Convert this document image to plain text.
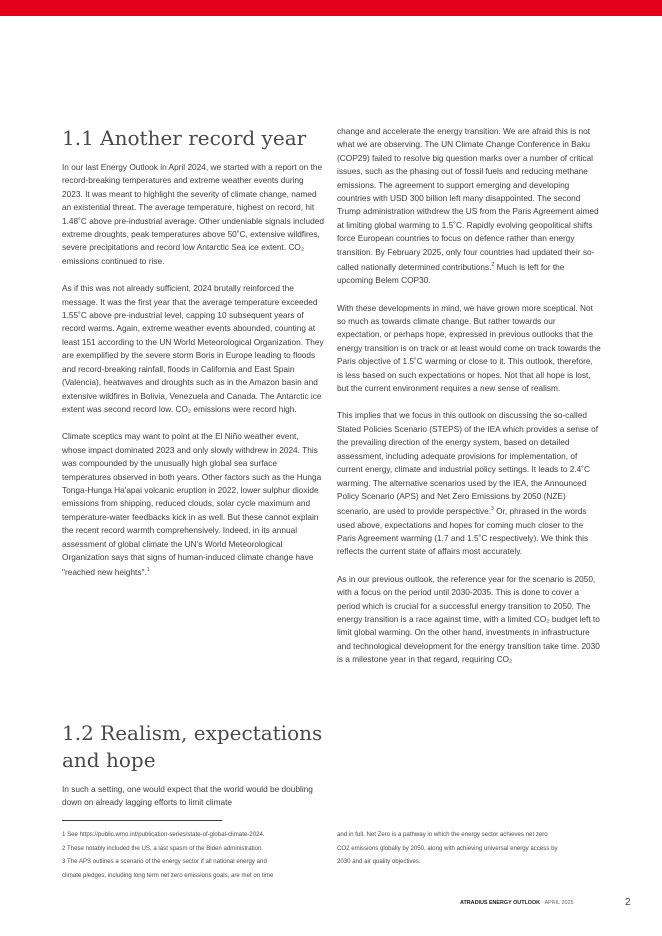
1.1 Another record year

In our last Energy Outlook in April 2024, we started with a report on the record-breaking temperatures and extreme weather events during 2023. It was meant to highlight the severity of climate change, named an existential threat. The average temperature, highest on record, hit 1.48˚C above pre-industrial average. Other undeniable signals included extreme droughts, peak temperatures above 50˚C, extensive wildfires, severe precipitations and record low Antarctic Sea ice extent. CO₂ emissions continued to rise.

As if this was not already sufficient, 2024 brutally reinforced the message. It was the first year that the average temperature exceeded 1.55˚C above pre-industrial level, capping 10 subsequent years of record warms. Again, extreme weather events abounded, counting at least 151 according to the UN World Meteorological Organization. They are exemplified by the severe storm Boris in Europe leading to floods and record-breaking rainfall, floods in California and East Spain (Valencia), heatwaves and droughts such as in the Amazon basin and extensive wildfires in Bolivia, Venezuela and Canada. The Antarctic ice extent was second record low. CO₂ emissions were record high.

Climate sceptics may want to point at the El Niño weather event, whose impact dominated 2023 and only slowly withdrew in 2024. This was compounded by the unusually high global sea surface temperatures observed in both years. Other factors such as the Hunga Tonga-Hunga Ha'apai volcanic eruption in 2022, lower sulphur dioxide emissions from shipping, reduced clouds, solar cycle maximum and temperature-water feedbacks kick in as well. But these cannot explain the recent record warmth comprehensively. Indeed, in its annual assessment of global climate the UN's World Meteorological Organization says that signs of human-induced climate change have "reached new heights".$^1$

1.2 Realism, expectations and hope

In such a setting, one would expect that the world would be doubling down on already lagging efforts to limit climate

change and accelerate the energy transition. We are afraid this is not what we are observing. The UN Climate Change Conference in Baku (COP29) failed to resolve big question marks over a number of critical issues, such as the phasing out of fossil fuels and reducing methane emissions. The agreement to support emerging and developing countries with USD 300 billion left many disappointed. The second Trump administration withdrew the US from the Paris Agreement aimed at limiting global warming to 1.5˚C. Rapidly evolving geopolitical shifts force European countries to focus on defence rather than energy transition. By February 2025, only four countries had updated their so-called nationally determined contributions.$^2$ Much is left for the upcoming Belem COP30.

With these developments in mind, we have grown more sceptical. Not so much as towards climate change. But rather towards our expectation, or perhaps hope, expressed in previous outlooks that the energy transition is on track or at least would come on track towards the Paris objective of 1.5˚C warming or close to it. This outlook, therefore, is less based on such expectations or hopes. Not that all hope is lost, but the current environment requires a new sense of realism.

This implies that we focus in this outlook on discussing the so-called Stated Policies Scenario (STEPS) of the IEA which provides a sense of the prevailing direction of the energy system, based on detailed assessment, including adequate provisions for implementation, of current energy, climate and industrial policy settings. It leads to 2.4˚C warming. The alternative scenarios used by the IEA, the Announced Policy Scenario (APS) and Net Zero Emissions by 2050 (NZE) scenario, are used to provide perspective.$^3$ Or, phrased in the words used above, expectations and hopes for coming much closer to the Paris Agreement warming (1.7 and 1.5˚C respectively). We think this reflects the current state of affairs most accurately.

As in our previous outlook, the reference year for the scenario is 2050, with a focus on the period until 2030-2035. This is done to cover a period which is crucial for a successful energy transition to 2050. The energy transition is a race against time, with a limited CO₂ budget left to limit global warming. On the other hand, investments in infrastructure and technological development for the energy transition take time. 2030 is a milestone year in that regard, requiring CO₂

1 See https://public.wmo.int/publication-series/state-of-global-climate-2024.
2 These notably included the US, a last spasm of the Biden administration.
3 The APS outlines a scenario of the energy sector if all national energy and
climate pledges, including long term net zero emissions goals, are met on time
and in full. Net Zero is a pathway in which the energy sector achieves net zero
CO2 emissions globally by 2050, along with achieving universal energy access by
2030 and air quality objectives.
ATRADIUS ENERGY OUTLOOK · APRIL 2025	2
